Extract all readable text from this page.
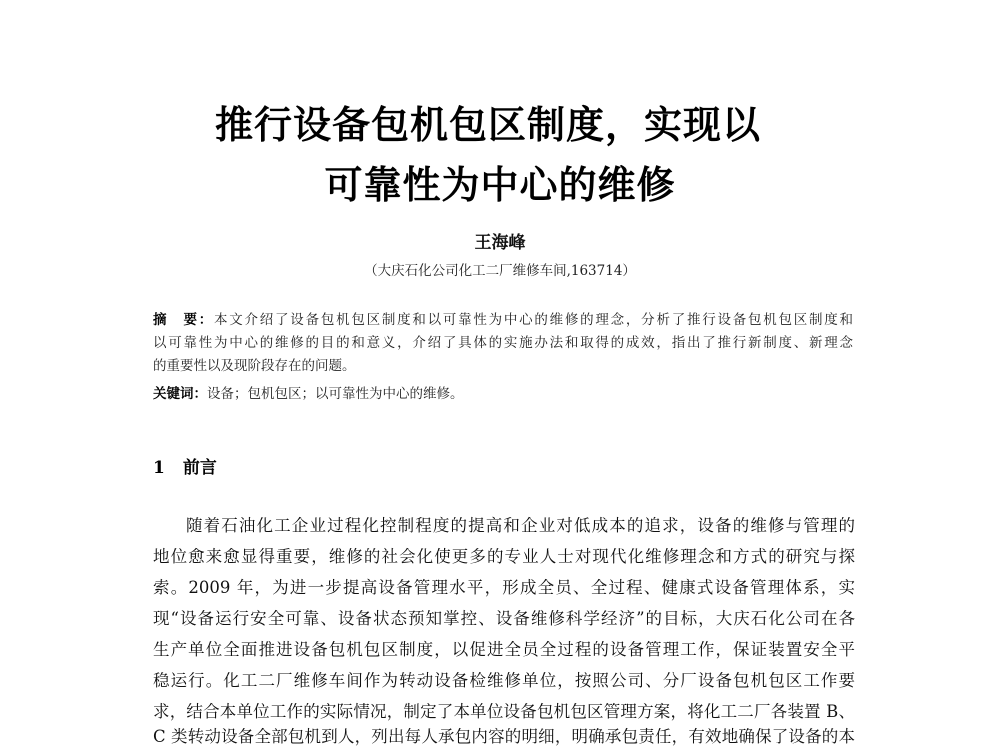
推行设备包机包区制度，实现以
可靠性为中心的维修
王海峰
（大庆石化公司化工二厂维修车间,163714）
摘　要：本文介绍了设备包机包区制度和以可靠性为中心的维修的理念，分析了推行设备包机包区制度和
以可靠性为中心的维修的目的和意义，介绍了具体的实施办法和取得的成效，指出了推行新制度、新理念
的重要性以及现阶段存在的问题。
关键词：设备；包机包区；以可靠性为中心的维修。
1 前言
随着石油化工企业过程化控制程度的提高和企业对低成本的追求，设备的维修与管理的
地位愈来愈显得重要，维修的社会化使更多的专业人士对现代化维修理念和方式的研究与探
索。2009 年，为进一步提高设备管理水平，形成全员、全过程、健康式设备管理体系，实
现“设备运行安全可靠、设备状态预知掌控、设备维修科学经济”的目标，大庆石化公司在各
生产单位全面推进设备包机包区制度，以促进全员全过程的设备管理工作，保证装置安全平
稳运行。化工二厂维修车间作为转动设备检维修单位，按照公司、分厂设备包机包区工作要
求，结合本单位工作的实际情况，制定了本单位设备包机包区管理方案，将化工二厂各装置 B、
C 类转动设备全部包机到人，列出每人承包内容的明细，明确承包责任，有效地确保了设备的本
